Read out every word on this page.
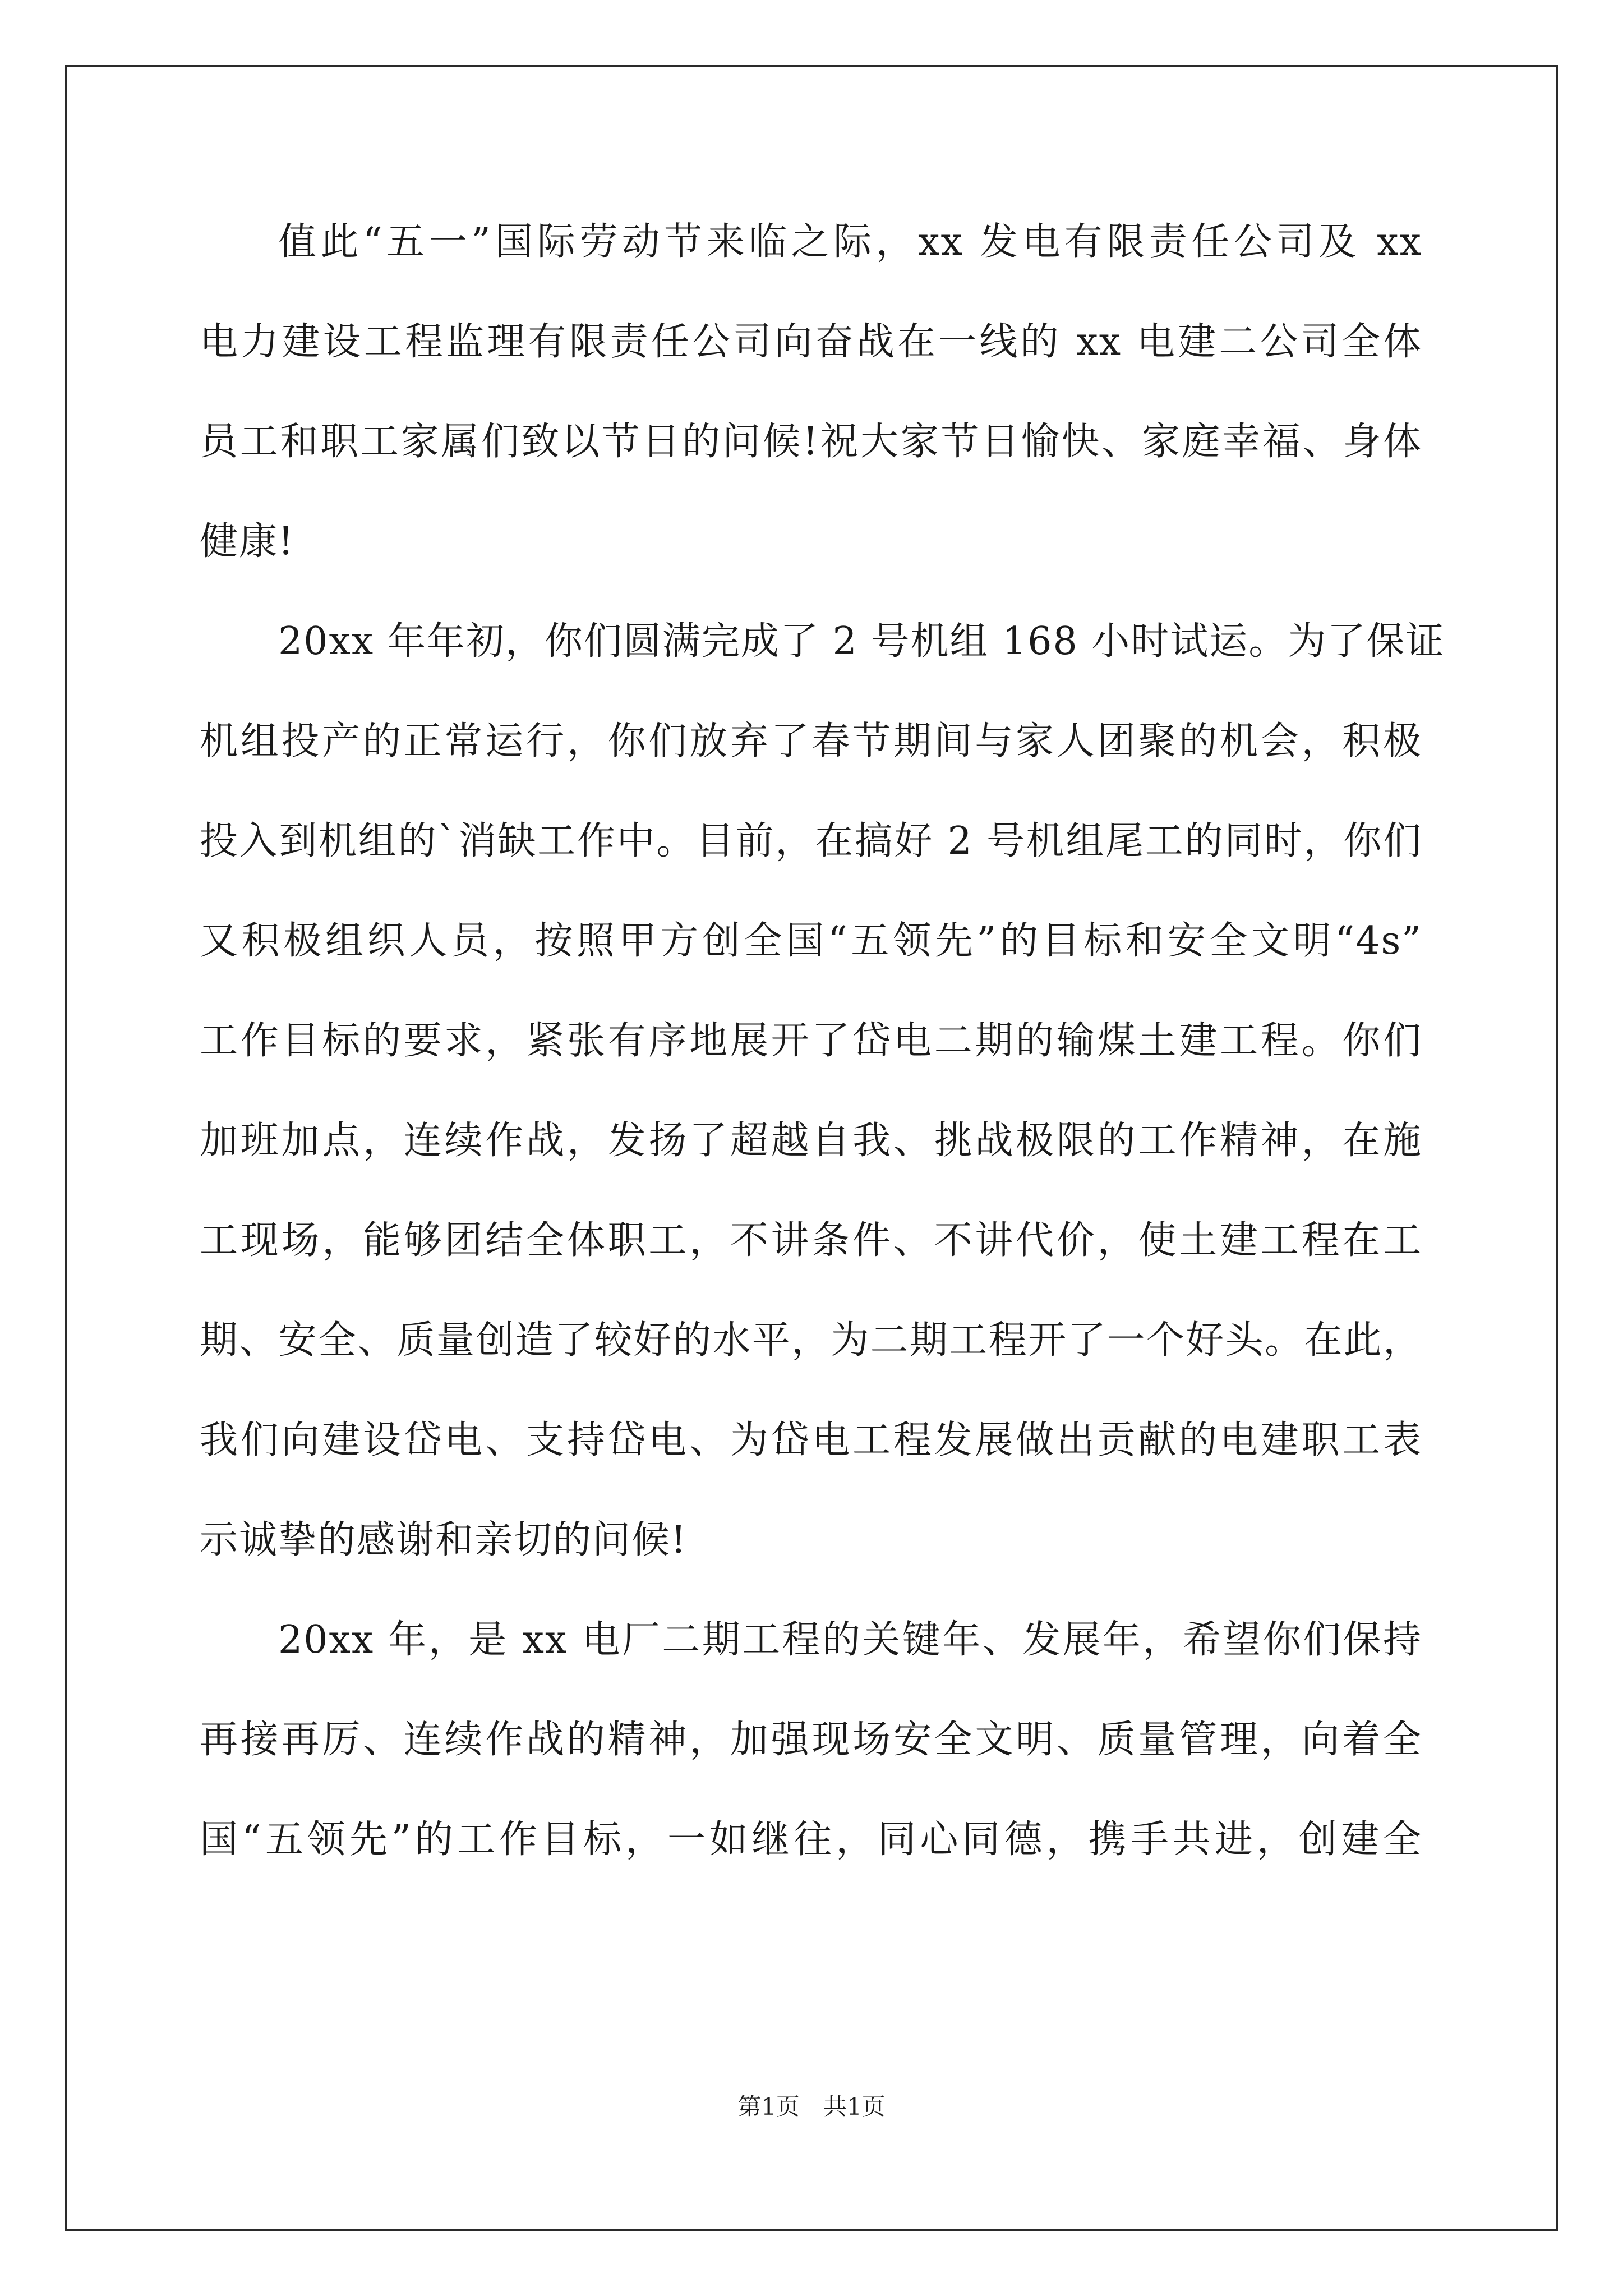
值此“五一”国际劳动节来临之际，xx 发电有限责任公司及 xx
电力建设工程监理有限责任公司向奋战在一线的 xx 电建二公司全体
员工和职工家属们致以节日的问候!祝大家节日愉快、家庭幸福、身体
健康!
20xx 年年初，你们圆满完成了 2 号机组 168 小时试运。为了保证
机组投产的正常运行，你们放弃了春节期间与家人团聚的机会，积极
投入到机组的`消缺工作中。目前，在搞好 2 号机组尾工的同时，你们
又积极组织人员，按照甲方创全国“五领先”的目标和安全文明“4s”
工作目标的要求，紧张有序地展开了岱电二期的输煤土建工程。你们
加班加点，连续作战，发扬了超越自我、挑战极限的工作精神，在施
工现场，能够团结全体职工，不讲条件、不讲代价，使土建工程在工
期、安全、质量创造了较好的水平，为二期工程开了一个好头。在此，
我们向建设岱电、支持岱电、为岱电工程发展做出贡献的电建职工表
示诚挚的感谢和亲切的问候!
20xx 年，是 xx 电厂二期工程的关键年、发展年，希望你们保持
再接再厉、连续作战的精神，加强现场安全文明、质量管理，向着全
国“五领先”的工作目标，一如继往，同心同德，携手共进，创建全
第1页 共1页
